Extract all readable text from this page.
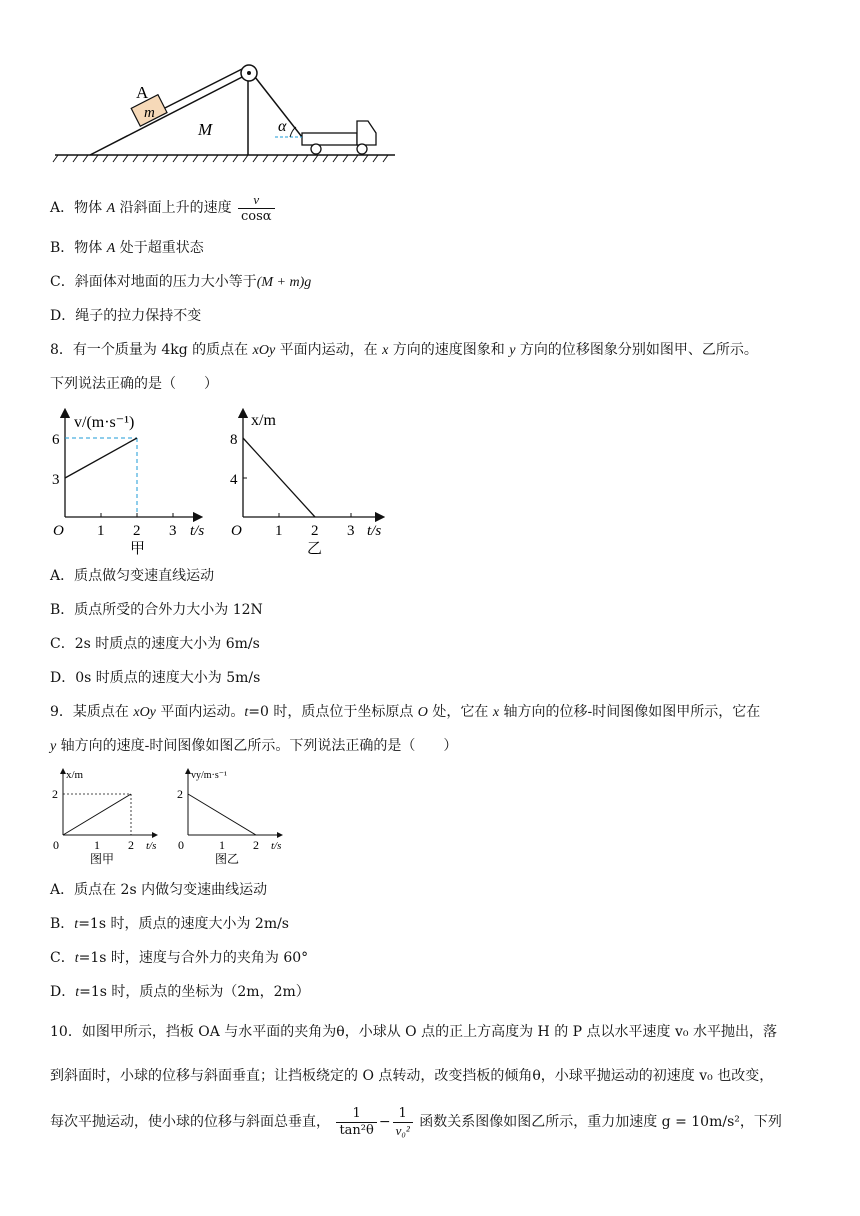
A
m
M	α
A．物体 A 沿斜面上升的速度 $\frac{v}{\cos\alpha}$
B．物体 A 处于超重状态
C．斜面体对地面的压力大小等于(M + m)g
D．绳子的拉力保持不变
8．有一个质量为 4kg 的质点在 xOy 平面内运动，在 x 方向的速度图象和 y 方向的位移图象分别如图甲、乙所示。
下列说法正确的是（　　）
v/(m·s⁻¹)
6
3
O 1 2 3 t/s
甲
x/m
8
4
O 1 2 3 t/s
乙
A．质点做匀变速直线运动
B．质点所受的合外力大小为 12N
C．2s 时质点的速度大小为 6m/s
D．0s 时质点的速度大小为 5m/s
9．某质点在 xOy 平面内运动。t=0 时，质点位于坐标原点 O 处，它在 x 轴方向的位移-时间图像如图甲所示，它在
y 轴方向的速度-时间图像如图乙所示。下列说法正确的是（　　）
x/m
2
0	1 2 t/s
图甲
vy/m·s⁻¹
2
0	1 2 t/s
图乙
A．质点在 2s 内做匀变速曲线运动
B．t=1s 时，质点的速度大小为 2m/s
C．t=1s 时，速度与合外力的夹角为 60°
D．t=1s 时，质点的坐标为（2m，2m）
10．如图甲所示，挡板 OA 与水平面的夹角为θ，小球从 O 点的正上方高度为 H 的 P 点以水平速度 v₀ 水平抛出，落
到斜面时，小球的位移与斜面垂直；让挡板绕定的 O 点转动，改变挡板的倾角θ，小球平抛运动的初速度 v₀ 也改变，
每次平抛运动，使小球的位移与斜面总垂直， $\frac{1}{\text{tan²θ}} - \frac{1}{\text{v₀²}}$ 函数关系图像如图乙所示，重力加速度 g = 10m/s²，下列
